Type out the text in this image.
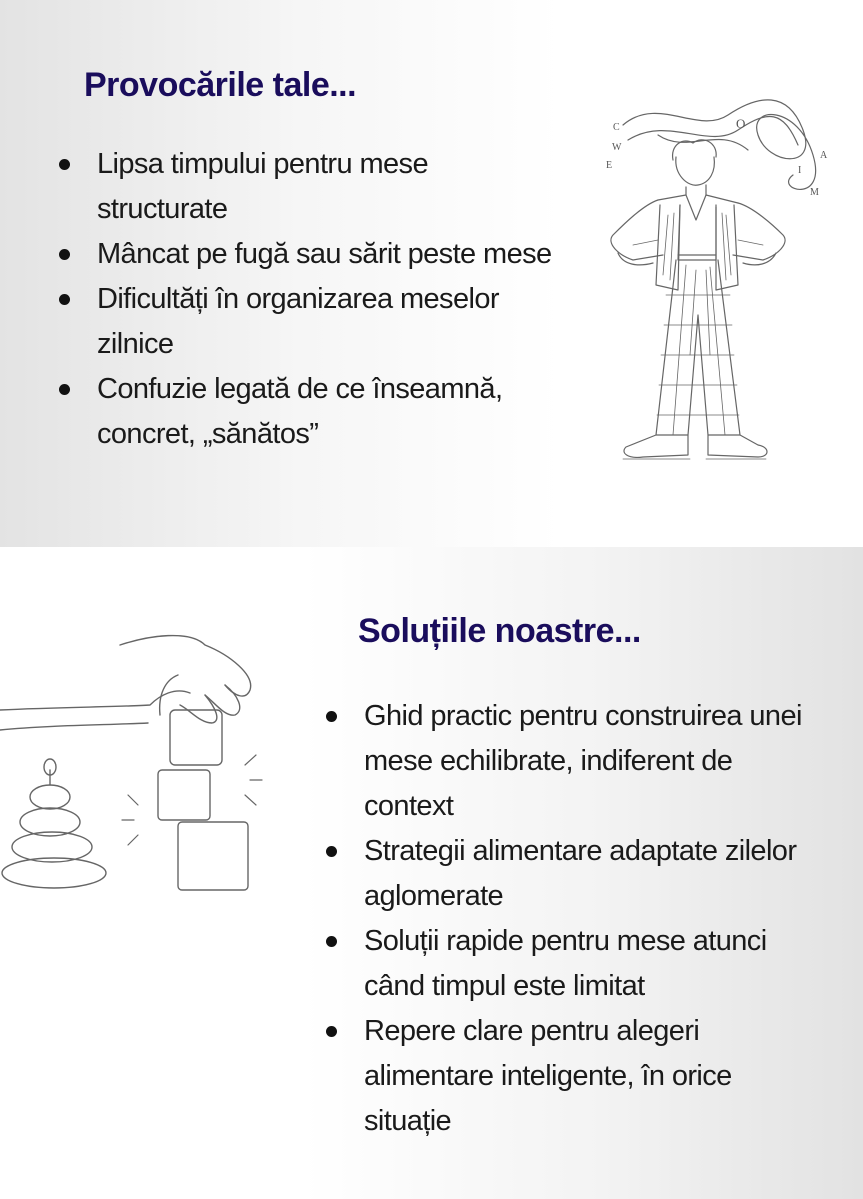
Provocările tale...
Lipsa timpului pentru mese structurate
Mâncat pe fugă sau sărit peste mese
Dificultăți în organizarea meselor zilnice
Confuzie legată de ce înseamnă, concret, „sănătos”
C
W
E
O
A
I
M
Soluțiile noastre...
Ghid practic pentru construirea unei mese echilibrate, indiferent de context
Strategii alimentare adaptate zilelor aglomerate
Soluții rapide pentru mese atunci când timpul este limitat
Repere clare pentru alegeri alimentare inteligente, în orice situație
